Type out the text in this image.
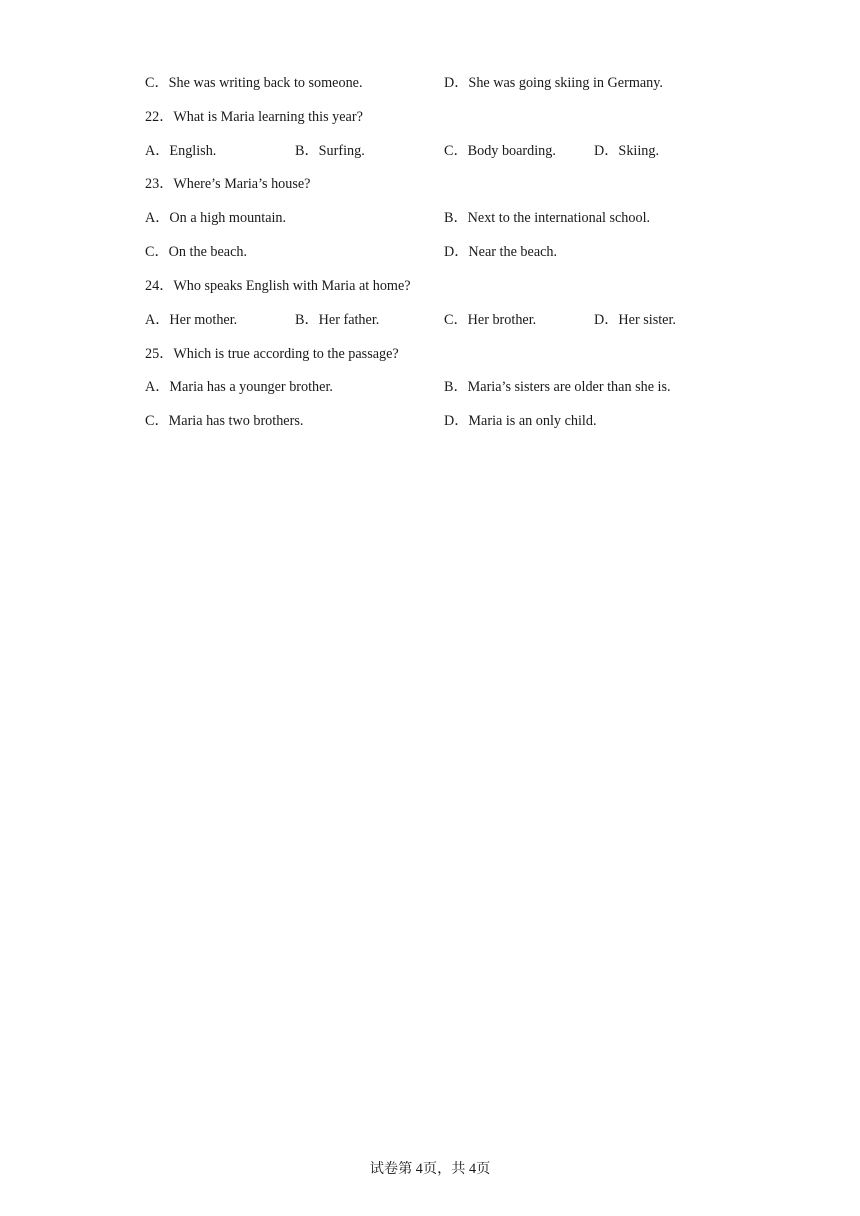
C．She was writing back to someone.	D．She was going skiing in Germany.
22．What is Maria learning this year?
A．English.	B．Surfing.	C．Body boarding.	D．Skiing.
23．Where’s Maria’s house?
A．On a high mountain.	B．Next to the international school.
C．On the beach.	D．Near the beach.
24．Who speaks English with Maria at home?
A．Her mother.	B．Her father.	C．Her brother.	D．Her sister.
25．Which is true according to the passage?
A．Maria has a younger brother.	B．Maria’s sisters are older than she is.
C．Maria has two brothers.	D．Maria is an only child.
试卷第 4页，共 4页
